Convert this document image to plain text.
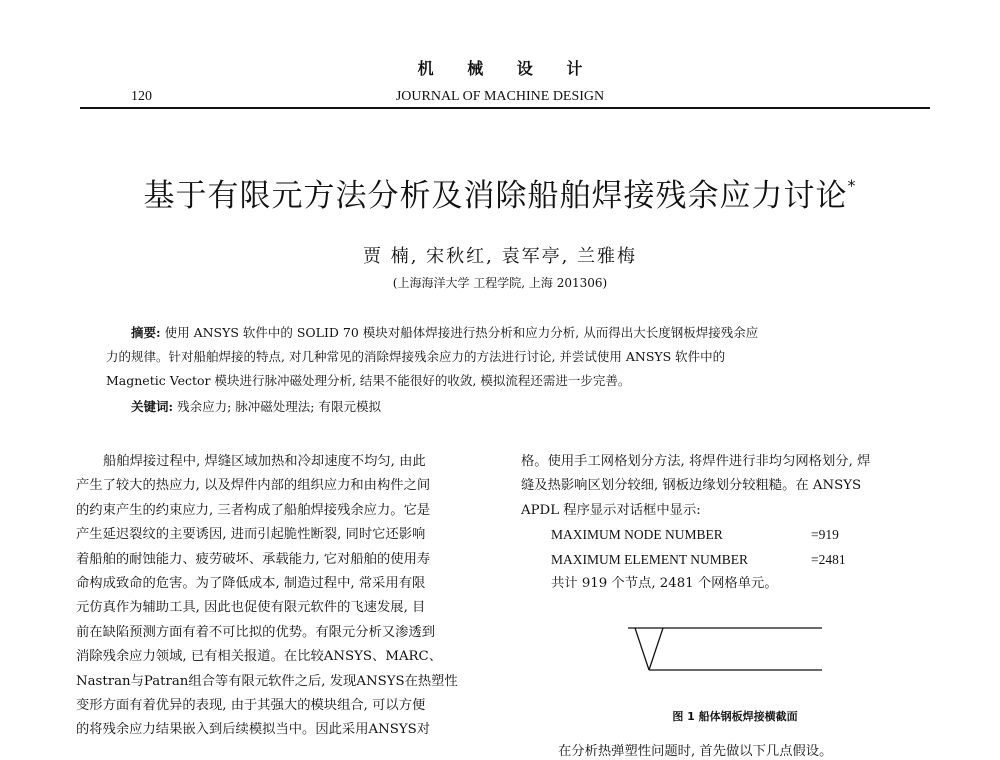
机 械 设 计
120	JOURNAL OF MACHINE DESIGN
基于有限元方法分析及消除船舶焊接残余应力讨论*
贾 楠, 宋秋红, 袁军亭, 兰雅梅
(上海海洋大学 工程学院, 上海 201306)
摘要: 使用 ANSYS 软件中的 SOLID 70 模块对船体焊接进行热分析和应力分析, 从而得出大长度钢板焊接残余应
力的规律。针对船舶焊接的特点, 对几种常见的消除焊接残余应力的方法进行讨论, 并尝试使用 ANSYS 软件中的
Magnetic Vector 模块进行脉冲磁处理分析, 结果不能很好的收敛, 模拟流程还需进一步完善。
关键词: 残余应力; 脉冲磁处理法; 有限元模拟
船舶焊接过程中, 焊缝区域加热和冷却速度不均匀, 由此
产生了较大的热应力, 以及焊件内部的组织应力和由构件之间
的约束产生的约束应力, 三者构成了船舶焊接残余应力。它是
产生延迟裂纹的主要诱因, 进而引起脆性断裂, 同时它还影响
着船舶的耐蚀能力、疲劳破坏、承载能力, 它对船舶的使用寿
命构成致命的危害。为了降低成本, 制造过程中, 常采用有限
元仿真作为辅助工具, 因此也促使有限元软件的飞速发展, 目
前在缺陷预测方面有着不可比拟的优势。有限元分析又渗透到
消除残余应力领域, 已有相关报道。在比较ANSYS、MARC、
Nastran与Patran组合等有限元软件之后, 发现ANSYS在热塑性
变形方面有着优异的表现, 由于其强大的模块组合, 可以方便
的将残余应力结果嵌入到后续模拟当中。因此采用ANSYS对
格。使用手工网格划分方法, 将焊件进行非均匀网格划分, 焊
缝及热影响区划分较细, 钢板边缘划分较粗糙。在 ANSYS
APDL 程序显示对话框中显示:
MAXIMUM NODE NUMBER	=919
MAXIMUM ELEMENT NUMBER	=2481
共计 919 个节点, 2481 个网格单元。
图 1 船体钢板焊接横截面
在分析热弹塑性问题时, 首先做以下几点假设。
